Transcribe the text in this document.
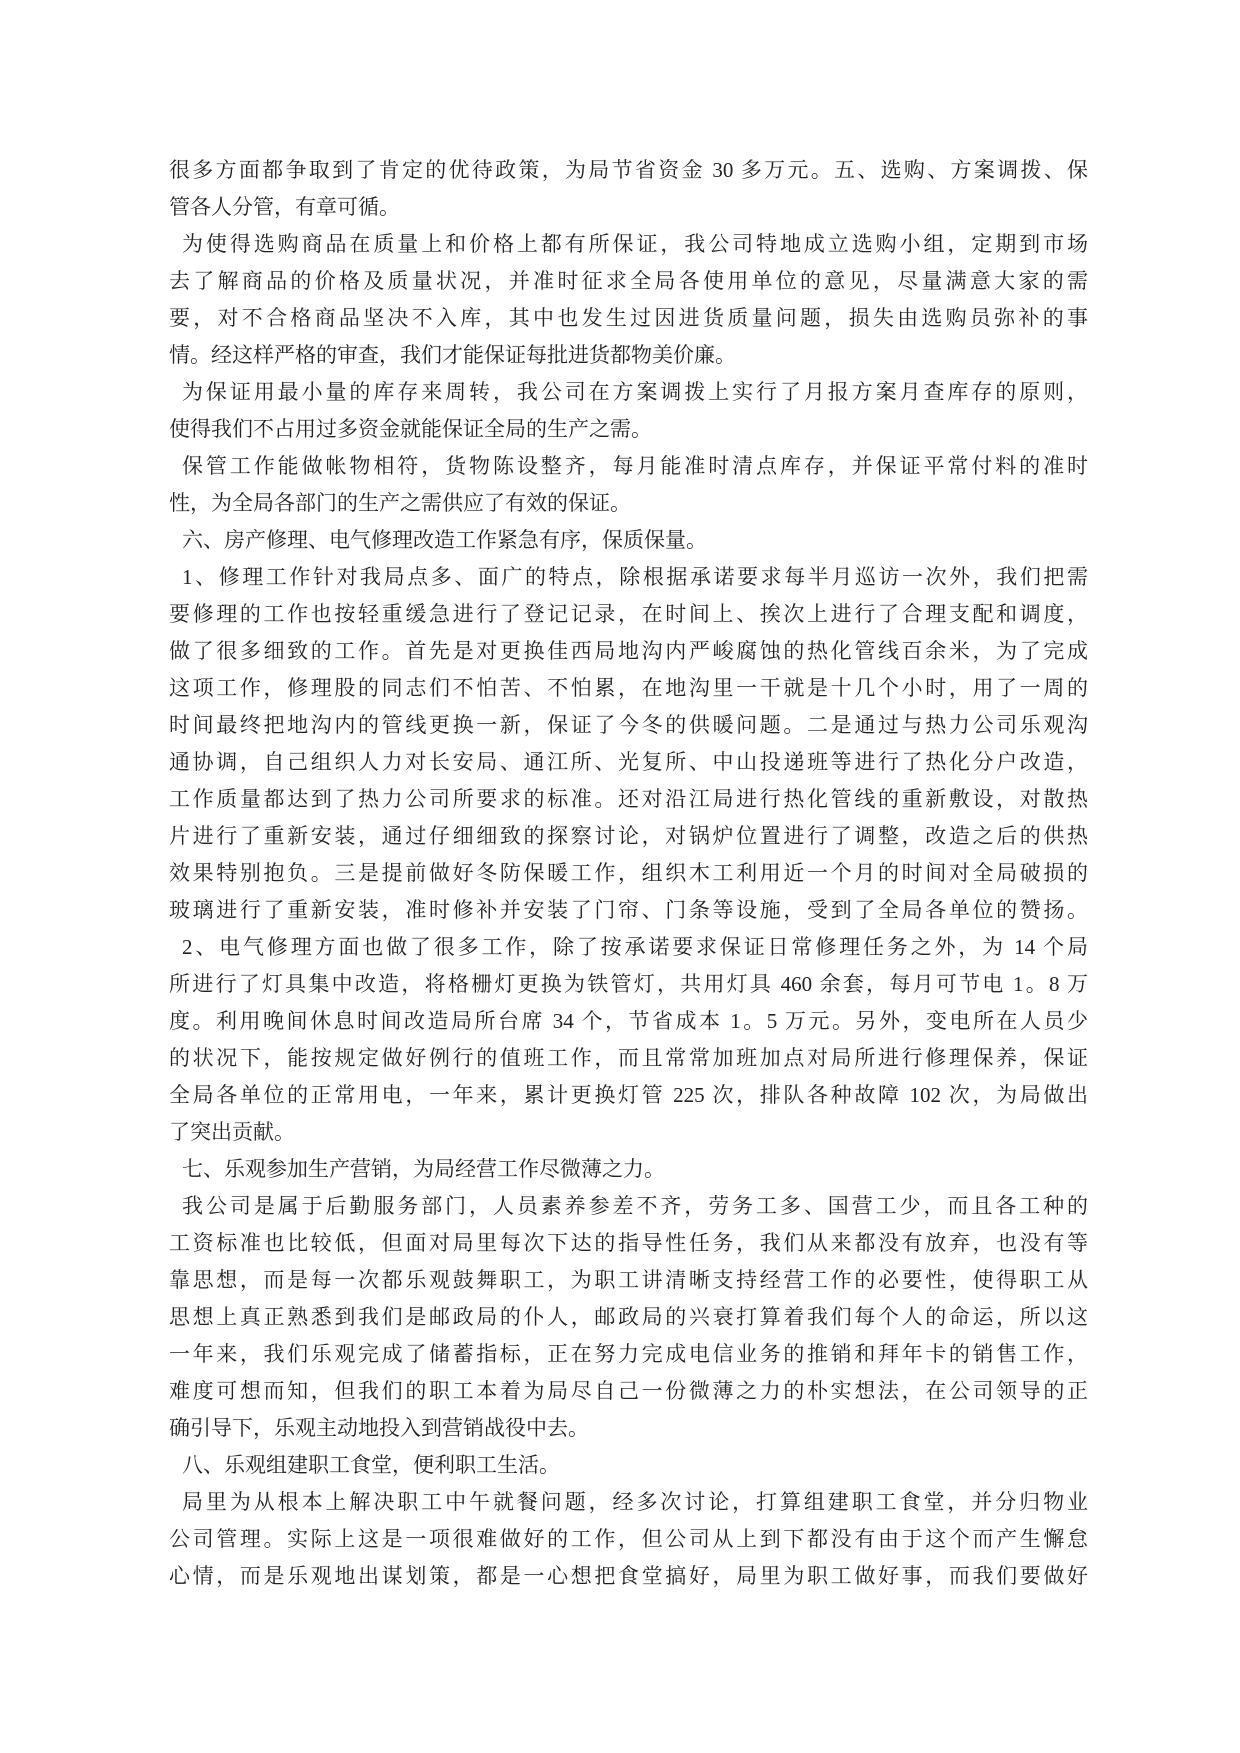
很多方面都争取到了肯定的优待政策，为局节省资金 30 多万元。五、选购、方案调拨、保
管各人分管，有章可循。
为使得选购商品在质量上和价格上都有所保证，我公司特地成立选购小组，定期到市场
去了解商品的价格及质量状况，并准时征求全局各使用单位的意见，尽量满意大家的需
要，对不合格商品坚决不入库，其中也发生过因进货质量问题，损失由选购员弥补的事
情。经这样严格的审查，我们才能保证每批进货都物美价廉。
为保证用最小量的库存来周转，我公司在方案调拨上实行了月报方案月查库存的原则，
使得我们不占用过多资金就能保证全局的生产之需。
保管工作能做帐物相符，货物陈设整齐，每月能准时清点库存，并保证平常付料的准时
性，为全局各部门的生产之需供应了有效的保证。
六、房产修理、电气修理改造工作紧急有序，保质保量。
1、修理工作针对我局点多、面广的特点，除根据承诺要求每半月巡访一次外，我们把需
要修理的工作也按轻重缓急进行了登记记录，在时间上、挨次上进行了合理支配和调度，
做了很多细致的工作。首先是对更换佳西局地沟内严峻腐蚀的热化管线百余米，为了完成
这项工作，修理股的同志们不怕苦、不怕累，在地沟里一干就是十几个小时，用了一周的
时间最终把地沟内的管线更换一新，保证了今冬的供暖问题。二是通过与热力公司乐观沟
通协调，自己组织人力对长安局、通江所、光复所、中山投递班等进行了热化分户改造，
工作质量都达到了热力公司所要求的标准。还对沿江局进行热化管线的重新敷设，对散热
片进行了重新安装，通过仔细细致的探察讨论，对锅炉位置进行了调整，改造之后的供热
效果特别抱负。三是提前做好冬防保暖工作，组织木工利用近一个月的时间对全局破损的
玻璃进行了重新安装，准时修补并安装了门帘、门条等设施，受到了全局各单位的赞扬。
2、电气修理方面也做了很多工作，除了按承诺要求保证日常修理任务之外，为 14 个局
所进行了灯具集中改造，将格栅灯更换为铁管灯，共用灯具 460 余套，每月可节电 1。8 万
度。利用晚间休息时间改造局所台席 34 个，节省成本 1。5 万元。另外，变电所在人员少
的状况下，能按规定做好例行的值班工作，而且常常加班加点对局所进行修理保养，保证
全局各单位的正常用电，一年来，累计更换灯管 225 次，排队各种故障 102 次，为局做出
了突出贡献。
七、乐观参加生产营销，为局经营工作尽微薄之力。
我公司是属于后勤服务部门，人员素养参差不齐，劳务工多、国营工少，而且各工种的
工资标准也比较低，但面对局里每次下达的指导性任务，我们从来都没有放弃，也没有等
靠思想，而是每一次都乐观鼓舞职工，为职工讲清晰支持经营工作的必要性，使得职工从
思想上真正熟悉到我们是邮政局的仆人，邮政局的兴衰打算着我们每个人的命运，所以这
一年来，我们乐观完成了储蓄指标，正在努力完成电信业务的推销和拜年卡的销售工作，
难度可想而知，但我们的职工本着为局尽自己一份微薄之力的朴实想法，在公司领导的正
确引导下，乐观主动地投入到营销战役中去。
八、乐观组建职工食堂，便利职工生活。
局里为从根本上解决职工中午就餐问题，经多次讨论，打算组建职工食堂，并分归物业
公司管理。实际上这是一项很难做好的工作，但公司从上到下都没有由于这个而产生懈怠
心情，而是乐观地出谋划策，都是一心想把食堂搞好，局里为职工做好事，而我们要做好
